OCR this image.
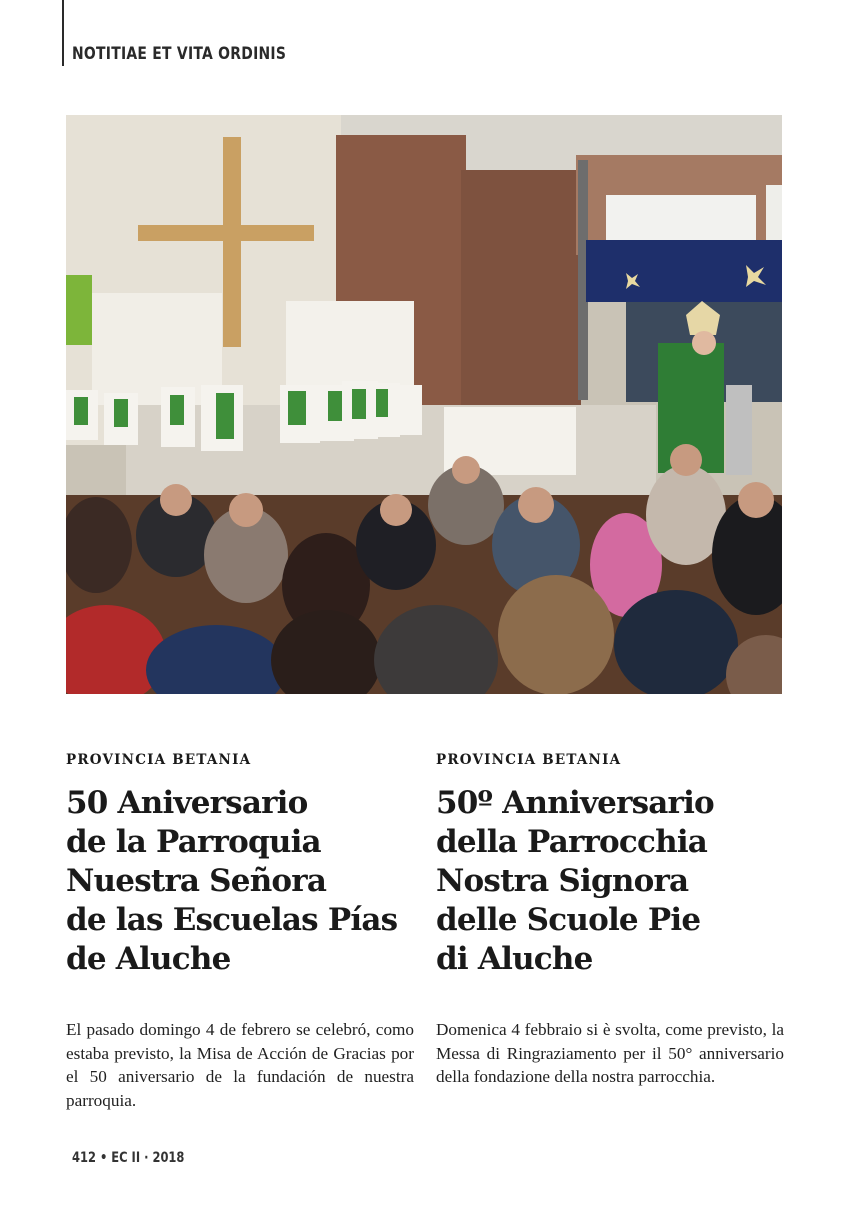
NOTITIAE ET VITA ORDINIS

PROVINCIA BETANIA

50 Aniversario
de la Parroquia
Nuestra Señora
de las Escuelas Pías
de Aluche

PROVINCIA BETANIA

50º Anniversario
della Parrocchia
Nostra Signora
delle Scuole Pie
di Aluche

El pasado domingo 4 de febrero se celebró, como estaba previsto, la Misa de Acción de Gracias por el 50 aniversario de la fundación de nuestra parroquia.

Domenica 4 febbraio si è svolta, come previsto, la Messa di Ringraziamento per il 50° anniversario della fondazione della nostra parrocchia.

412 • EC II · 2018
